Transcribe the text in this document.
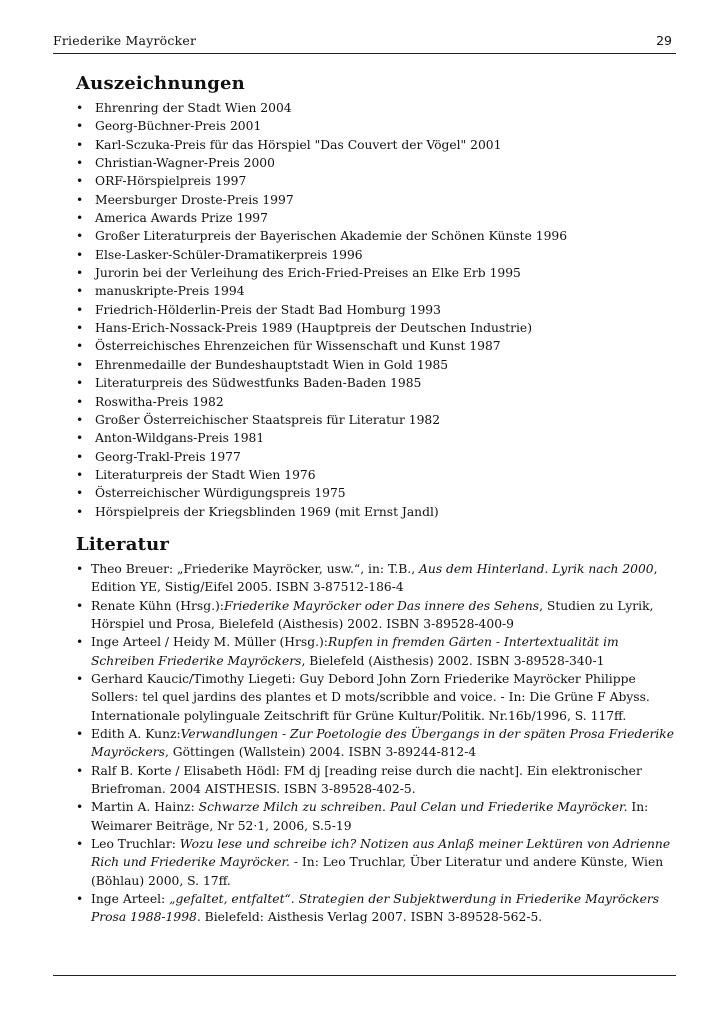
Friederike Mayröcker	29
Auszeichnungen
• Ehrenring der Stadt Wien 2004
• Georg-Büchner-Preis 2001
• Karl-Sczuka-Preis für das Hörspiel "Das Couvert der Vögel" 2001
• Christian-Wagner-Preis 2000
• ORF-Hörspielpreis 1997
• Meersburger Droste-Preis 1997
• America Awards Prize 1997
• Großer Literaturpreis der Bayerischen Akademie der Schönen Künste 1996
• Else-Lasker-Schüler-Dramatikerpreis 1996
• Jurorin bei der Verleihung des Erich-Fried-Preises an Elke Erb 1995
• manuskripte-Preis 1994
• Friedrich-Hölderlin-Preis der Stadt Bad Homburg 1993
• Hans-Erich-Nossack-Preis 1989 (Hauptpreis der Deutschen Industrie)
• Österreichisches Ehrenzeichen für Wissenschaft und Kunst 1987
• Ehrenmedaille der Bundeshauptstadt Wien in Gold 1985
• Literaturpreis des Südwestfunks Baden-Baden 1985
• Roswitha-Preis 1982
• Großer Österreichischer Staatspreis für Literatur 1982
• Anton-Wildgans-Preis 1981
• Georg-Trakl-Preis 1977
• Literaturpreis der Stadt Wien 1976
• Österreichischer Würdigungspreis 1975
• Hörspielpreis der Kriegsblinden 1969 (mit Ernst Jandl)
Literatur
• Theo Breuer: „Friederike Mayröcker, usw.“, in: T.B., Aus dem Hinterland. Lyrik nach 2000, Edition YE, Sistig/Eifel 2005. ISBN 3-87512-186-4
• Renate Kühn (Hrsg.):Friederike Mayröcker oder Das innere des Sehens, Studien zu Lyrik, Hörspiel und Prosa, Bielefeld (Aisthesis) 2002. ISBN 3-89528-400-9
• Inge Arteel / Heidy M. Müller (Hrsg.):Rupfen in fremden Gärten - Intertextualität im Schreiben Friederike Mayröckers, Bielefeld (Aisthesis) 2002. ISBN 3-89528-340-1
• Gerhard Kaucic/Timothy Liegeti: Guy Debord John Zorn Friederike Mayröcker Philippe Sollers: tel quel jardins des plantes et D mots/scribble and voice. - In: Die Grüne F Abyss. Internationale polylinguale Zeitschrift für Grüne Kultur/Politik. Nr.16b/1996, S. 117ff.
• Edith A. Kunz:Verwandlungen - Zur Poetologie des Übergangs in der späten Prosa Friederike Mayröckers, Göttingen (Wallstein) 2004. ISBN 3-89244-812-4
• Ralf B. Korte / Elisabeth Hödl: FM dj [reading reise durch die nacht]. Ein elektronischer Briefroman. 2004 AISTHESIS. ISBN 3-89528-402-5.
• Martin A. Hainz: Schwarze Milch zu schreiben. Paul Celan und Friederike Mayröcker. In: Weimarer Beiträge, Nr 52·1, 2006, S.5-19
• Leo Truchlar: Wozu lese und schreibe ich? Notizen aus Anlaß meiner Lektüren von Adrienne Rich und Friederike Mayröcker. - In: Leo Truchlar, Über Literatur und andere Künste, Wien (Böhlau) 2000, S. 17ff.
• Inge Arteel: „gefaltet, entfaltet“. Strategien der Subjektwerdung in Friederike Mayröckers Prosa 1988-1998. Bielefeld: Aisthesis Verlag 2007. ISBN 3-89528-562-5.
